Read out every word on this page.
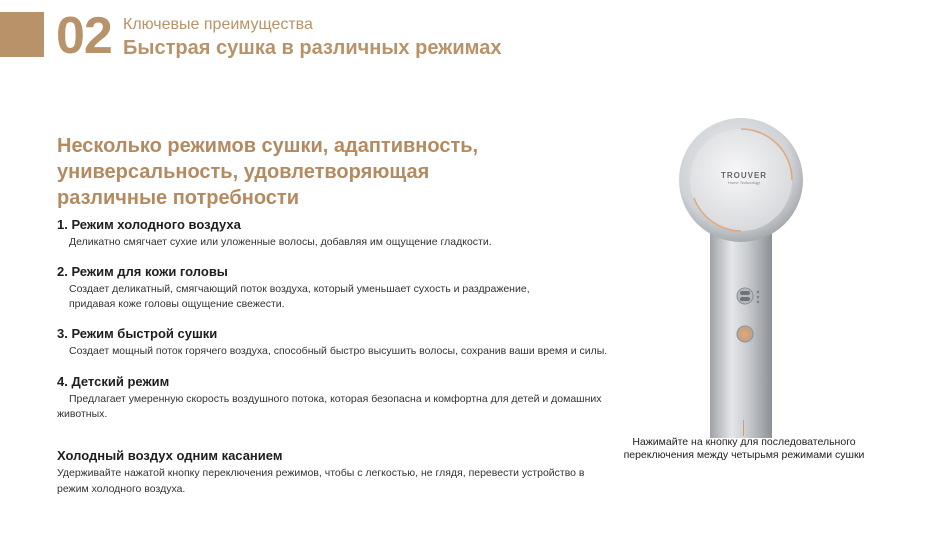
02 Ключевые преимущества
Быстрая сушка в различных режимах
Несколько режимов сушки, адаптивность, универсальность, удовлетворяющая различные потребности
1. Режим холодного воздуха
Деликатно смягчает сухие или уложенные волосы, добавляя им ощущение гладкости.
2. Режим для кожи головы
Создает деликатный, смягчающий поток воздуха, который уменьшает сухость и раздражение, придавая коже головы ощущение свежести.
3. Режим быстрой сушки
Создает мощный поток горячего воздуха, способный быстро высушить волосы, сохранив ваши время и силы.
4. Детский режим
Предлагает умеренную скорость воздушного потока, которая безопасна и комфортна для детей и домашних животных.
Холодный воздух одним касанием
Удерживайте нажатой кнопку переключения режимов, чтобы с легкостью, не глядя, перевести устройство в режим холодного воздуха.
TROUVER
Home Technology
Нажимайте на кнопку для последовательного переключения между четырьмя режимами сушки
